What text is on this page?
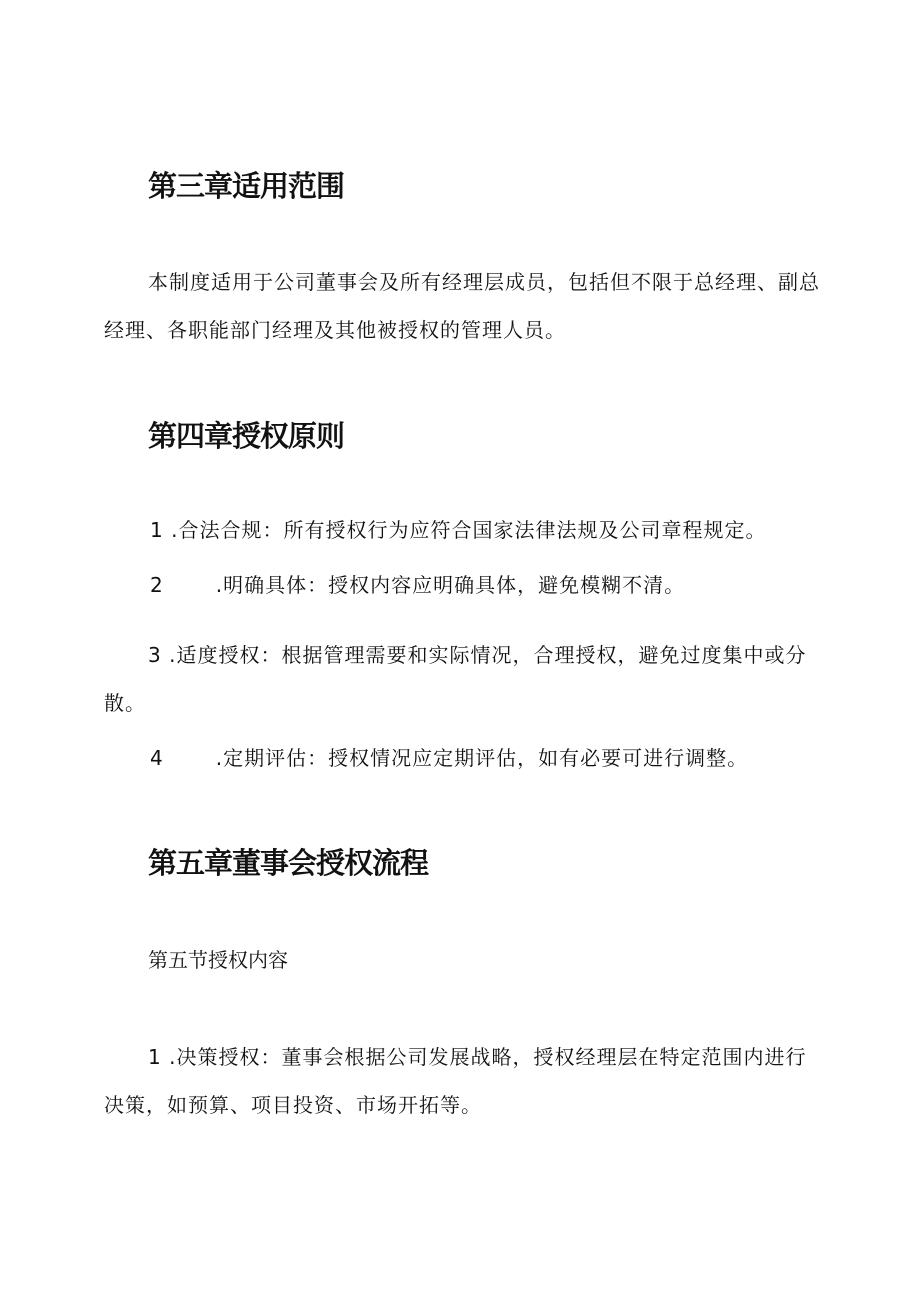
第三章适用范围
本制度适用于公司董事会及所有经理层成员，包括但不限于总经理、副总经理、各职能部门经理及其他被授权的管理人员。
第四章授权原则
1 .合法合规：所有授权行为应符合国家法律法规及公司章程规定。
2	.明确具体：授权内容应明确具体，避免模糊不清。
3 .适度授权：根据管理需要和实际情况，合理授权，避免过度集中或分散。
4	.定期评估：授权情况应定期评估，如有必要可进行调整。
第五章董事会授权流程
第五节授权内容
1 .决策授权：董事会根据公司发展战略，授权经理层在特定范围内进行决策，如预算、项目投资、市场开拓等。
